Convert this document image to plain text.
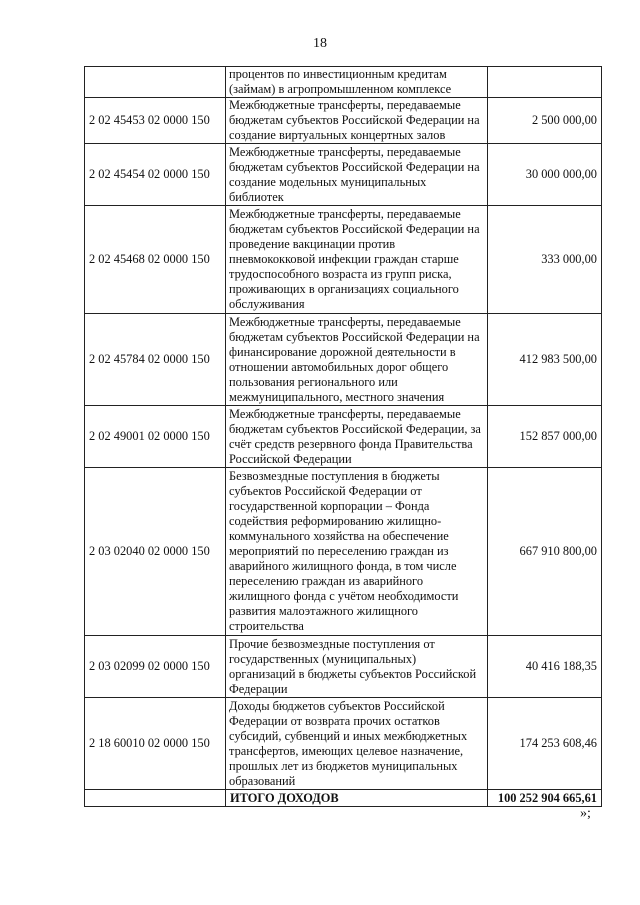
18
	процентов по инвестиционным кредитам (займам) в агропромышленном комплексе	
2 02 45453 02 0000 150	Межбюджетные трансферты, передаваемые бюджетам субъектов Российской Федерации на создание виртуальных концертных залов	2 500 000,00
2 02 45454 02 0000 150	Межбюджетные трансферты, передаваемые бюджетам субъектов Российской Федерации на создание модельных муниципальных библиотек	30 000 000,00
2 02 45468 02 0000 150	Межбюджетные трансферты, передаваемые бюджетам субъектов Российской Федерации на проведение вакцинации против пневмококковой инфекции граждан старше трудоспособного возраста из групп риска, проживающих в организациях социального обслуживания	333 000,00
2 02 45784 02 0000 150	Межбюджетные трансферты, передаваемые бюджетам субъектов Российской Федерации на финансирование дорожной деятельности в отношении автомобильных дорог общего пользования регионального или межмуниципального, местного значения	412 983 500,00
2 02 49001 02 0000 150	Межбюджетные трансферты, передаваемые бюджетам субъектов Российской Федерации, за счёт средств резервного фонда Правительства Российской Федерации	152 857 000,00
2 03 02040 02 0000 150	Безвозмездные поступления в бюджеты субъектов Российской Федерации от государственной корпорации – Фонда содействия реформированию жилищно-коммунального хозяйства на обеспечение мероприятий по переселению граждан из аварийного жилищного фонда, в том числе переселению граждан из аварийного жилищного фонда с учётом необходимости развития малоэтажного жилищного строительства	667 910 800,00
2 03 02099 02 0000 150	Прочие безвозмездные поступления от государственных (муниципальных) организаций в бюджеты субъектов Российской Федерации	40 416 188,35
2 18 60010 02 0000 150	Доходы бюджетов субъектов Российской Федерации от возврата прочих остатков субсидий, субвенций и иных межбюджетных трансфертов, имеющих целевое назначение, прошлых лет из бюджетов муниципальных образований	174 253 608,46
	ИТОГО ДОХОДОВ	100 252 904 665,61
»;
